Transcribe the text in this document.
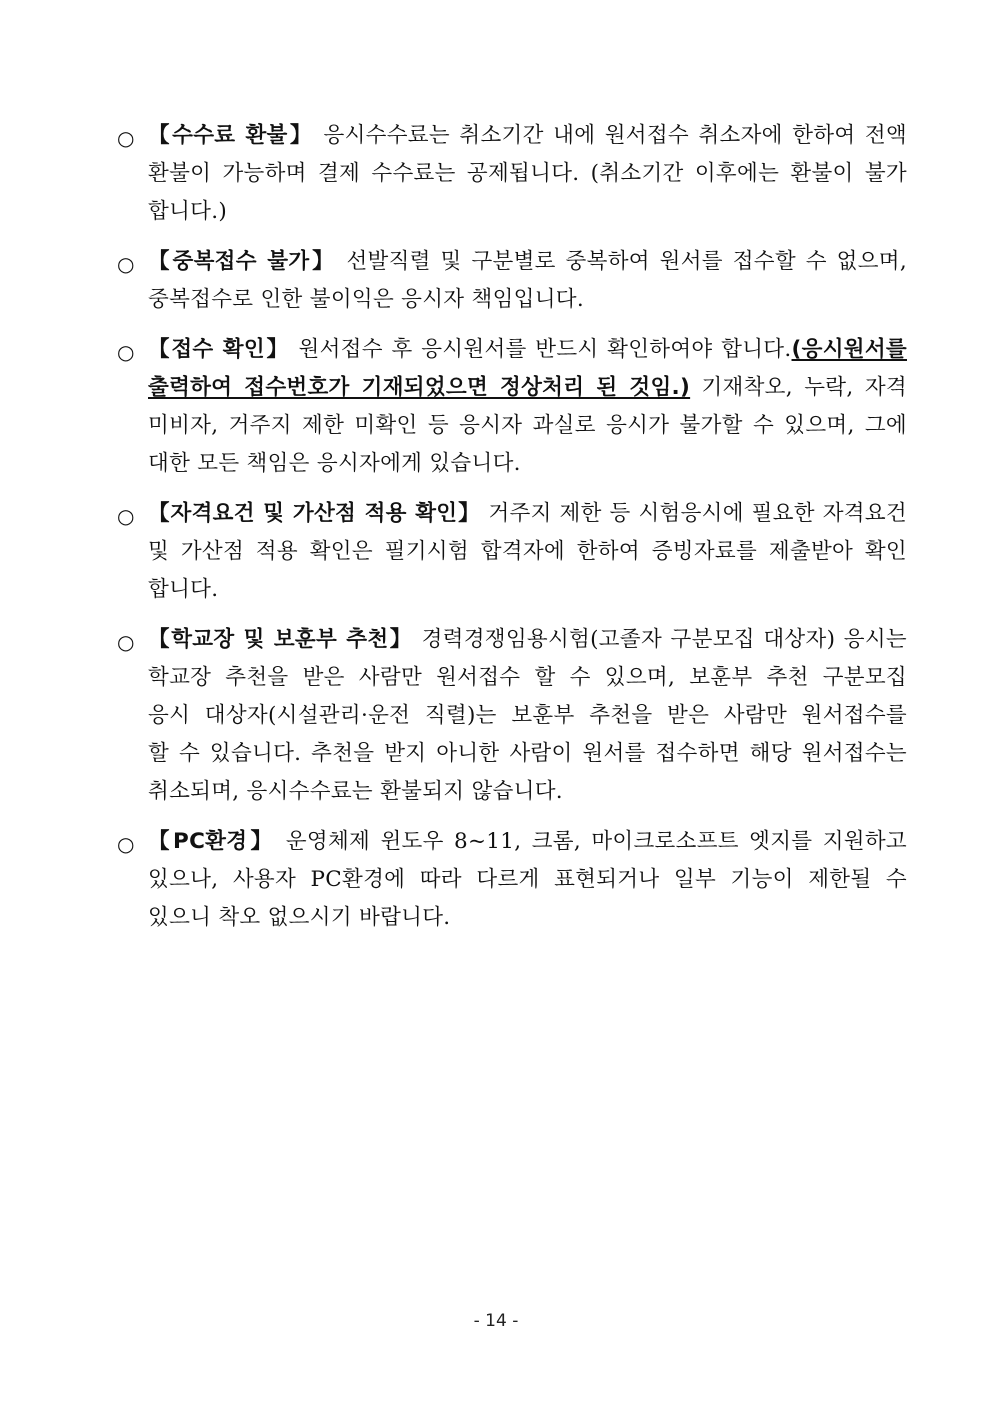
○ 【수수료 환불】 응시수수료는 취소기간 내에 원서접수 취소자에 한하여 전액
환불이 가능하며 결제 수수료는 공제됩니다. (취소기간 이후에는 환불이 불가
합니다.)
○ 【중복접수 불가】 선발직렬 및 구분별로 중복하여 원서를 접수할 수 없으며,
중복접수로 인한 불이익은 응시자 책임입니다.
○ 【접수 확인】 원서접수 후 응시원서를 반드시 확인하여야 합니다.(응시원서를
출력하여 접수번호가 기재되었으면 정상처리 된 것임.) 기재착오, 누락, 자격
미비자, 거주지 제한 미확인 등 응시자 과실로 응시가 불가할 수 있으며, 그에
대한 모든 책임은 응시자에게 있습니다.
○ 【자격요건 및 가산점 적용 확인】 거주지 제한 등 시험응시에 필요한 자격요건
및 가산점 적용 확인은 필기시험 합격자에 한하여 증빙자료를 제출받아 확인
합니다.
○ 【학교장 및 보훈부 추천】 경력경쟁임용시험(고졸자 구분모집 대상자) 응시는
학교장 추천을 받은 사람만 원서접수 할 수 있으며, 보훈부 추천 구분모집
응시 대상자(시설관리·운전 직렬)는 보훈부 추천을 받은 사람만 원서접수를
할 수 있습니다. 추천을 받지 아니한 사람이 원서를 접수하면 해당 원서접수는
취소되며, 응시수수료는 환불되지 않습니다.
○ 【PC환경】 운영체제 윈도우 8~11, 크롬, 마이크로소프트 엣지를 지원하고
있으나, 사용자 PC환경에 따라 다르게 표현되거나 일부 기능이 제한될 수
있으니 착오 없으시기 바랍니다.
- 14 -
